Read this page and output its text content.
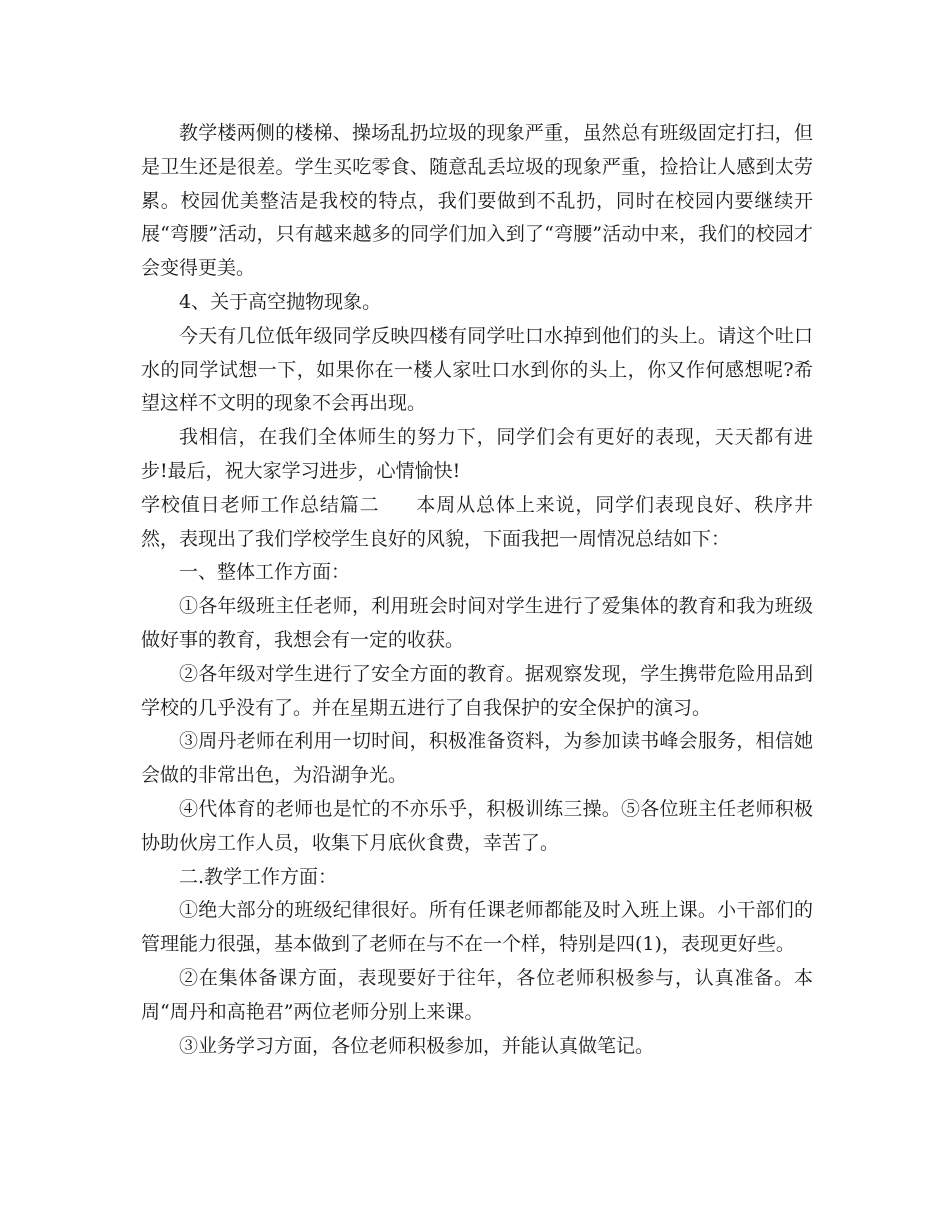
教学楼两侧的楼梯、操场乱扔垃圾的现象严重，虽然总有班级固定打扫，但是卫生还是很差。学生买吃零食、随意乱丢垃圾的现象严重，捡拾让人感到太劳累。校园优美整洁是我校的特点，我们要做到不乱扔，同时在校园内要继续开展“弯腰”活动，只有越来越多的同学们加入到了“弯腰”活动中来，我们的校园才会变得更美。

4、关于高空抛物现象。

今天有几位低年级同学反映四楼有同学吐口水掉到他们的头上。请这个吐口水的同学试想一下，如果你在一楼人家吐口水到你的头上，你又作何感想呢?希望这样不文明的现象不会再出现。

我相信，在我们全体师生的努力下，同学们会有更好的表现，天天都有进步!最后，祝大家学习进步，心情愉快!

学校值日老师工作总结篇二 本周从总体上来说，同学们表现良好、秩序井然，表现出了我们学校学生良好的风貌，下面我把一周情况总结如下：

一、整体工作方面：

①各年级班主任老师，利用班会时间对学生进行了爱集体的教育和我为班级做好事的教育，我想会有一定的收获。

②各年级对学生进行了安全方面的教育。据观察发现，学生携带危险用品到学校的几乎没有了。并在星期五进行了自我保护的安全保护的演习。

③周丹老师在利用一切时间，积极准备资料，为参加读书峰会服务，相信她会做的非常出色，为沿湖争光。

④代体育的老师也是忙的不亦乐乎，积极训练三操。⑤各位班主任老师积极协助伙房工作人员，收集下月底伙食费，幸苦了。

二.教学工作方面：

①绝大部分的班级纪律很好。所有任课老师都能及时入班上课。小干部们的管理能力很强，基本做到了老师在与不在一个样，特别是四(1)，表现更好些。

②在集体备课方面，表现要好于往年，各位老师积极参与，认真准备。本周“周丹和高艳君”两位老师分别上来课。

③业务学习方面，各位老师积极参加，并能认真做笔记。
